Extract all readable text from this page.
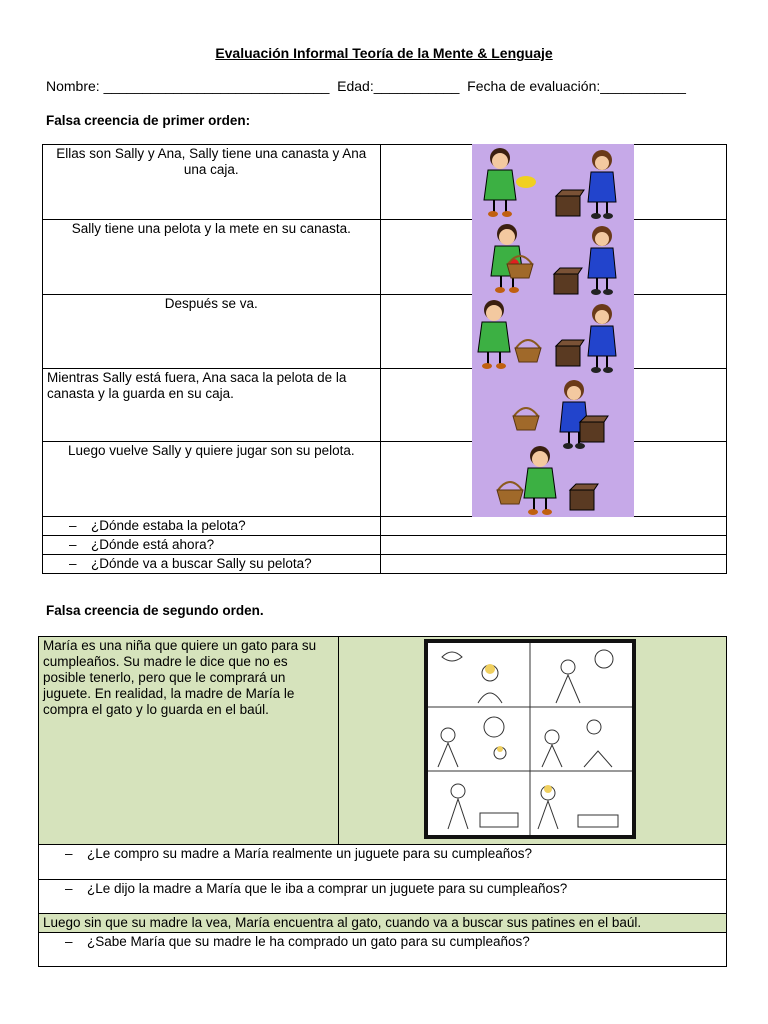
Evaluación Informal Teoría de la Mente & Lenguaje
Nombre: _____________________________  Edad:___________  Fecha de evaluación:___________
Falsa creencia de primer orden:
Ellas son Sally y Ana, Sally tiene una canasta y Ana una caja.	
Sally tiene una pelota y la mete en su canasta.	
Después se va.	
Mientras Sally está fuera, Ana saca la pelota de la canasta y la guarda en su caja.	
Luego vuelve Sally y quiere jugar son su pelota.	
– ¿Dónde estaba la pelota?	
– ¿Dónde está ahora?	
– ¿Dónde va a buscar Sally su pelota?	
Falsa creencia de segundo orden.
María es una niña que quiere un gato para su cumpleaños. Su madre le dice que no es posible tenerlo, pero que le comprará un juguete. En realidad, la madre de María le compra el gato y lo guarda en el baúl.	
– ¿Le compro su madre a María realmente un juguete para su cumpleaños?
– ¿Le dijo la madre a María que le iba a comprar un juguete para su cumpleaños?
Luego sin que su madre la vea, María encuentra al gato, cuando va a buscar sus patines en el baúl.
– ¿Sabe María que su madre le ha comprado un gato para su cumpleaños?
